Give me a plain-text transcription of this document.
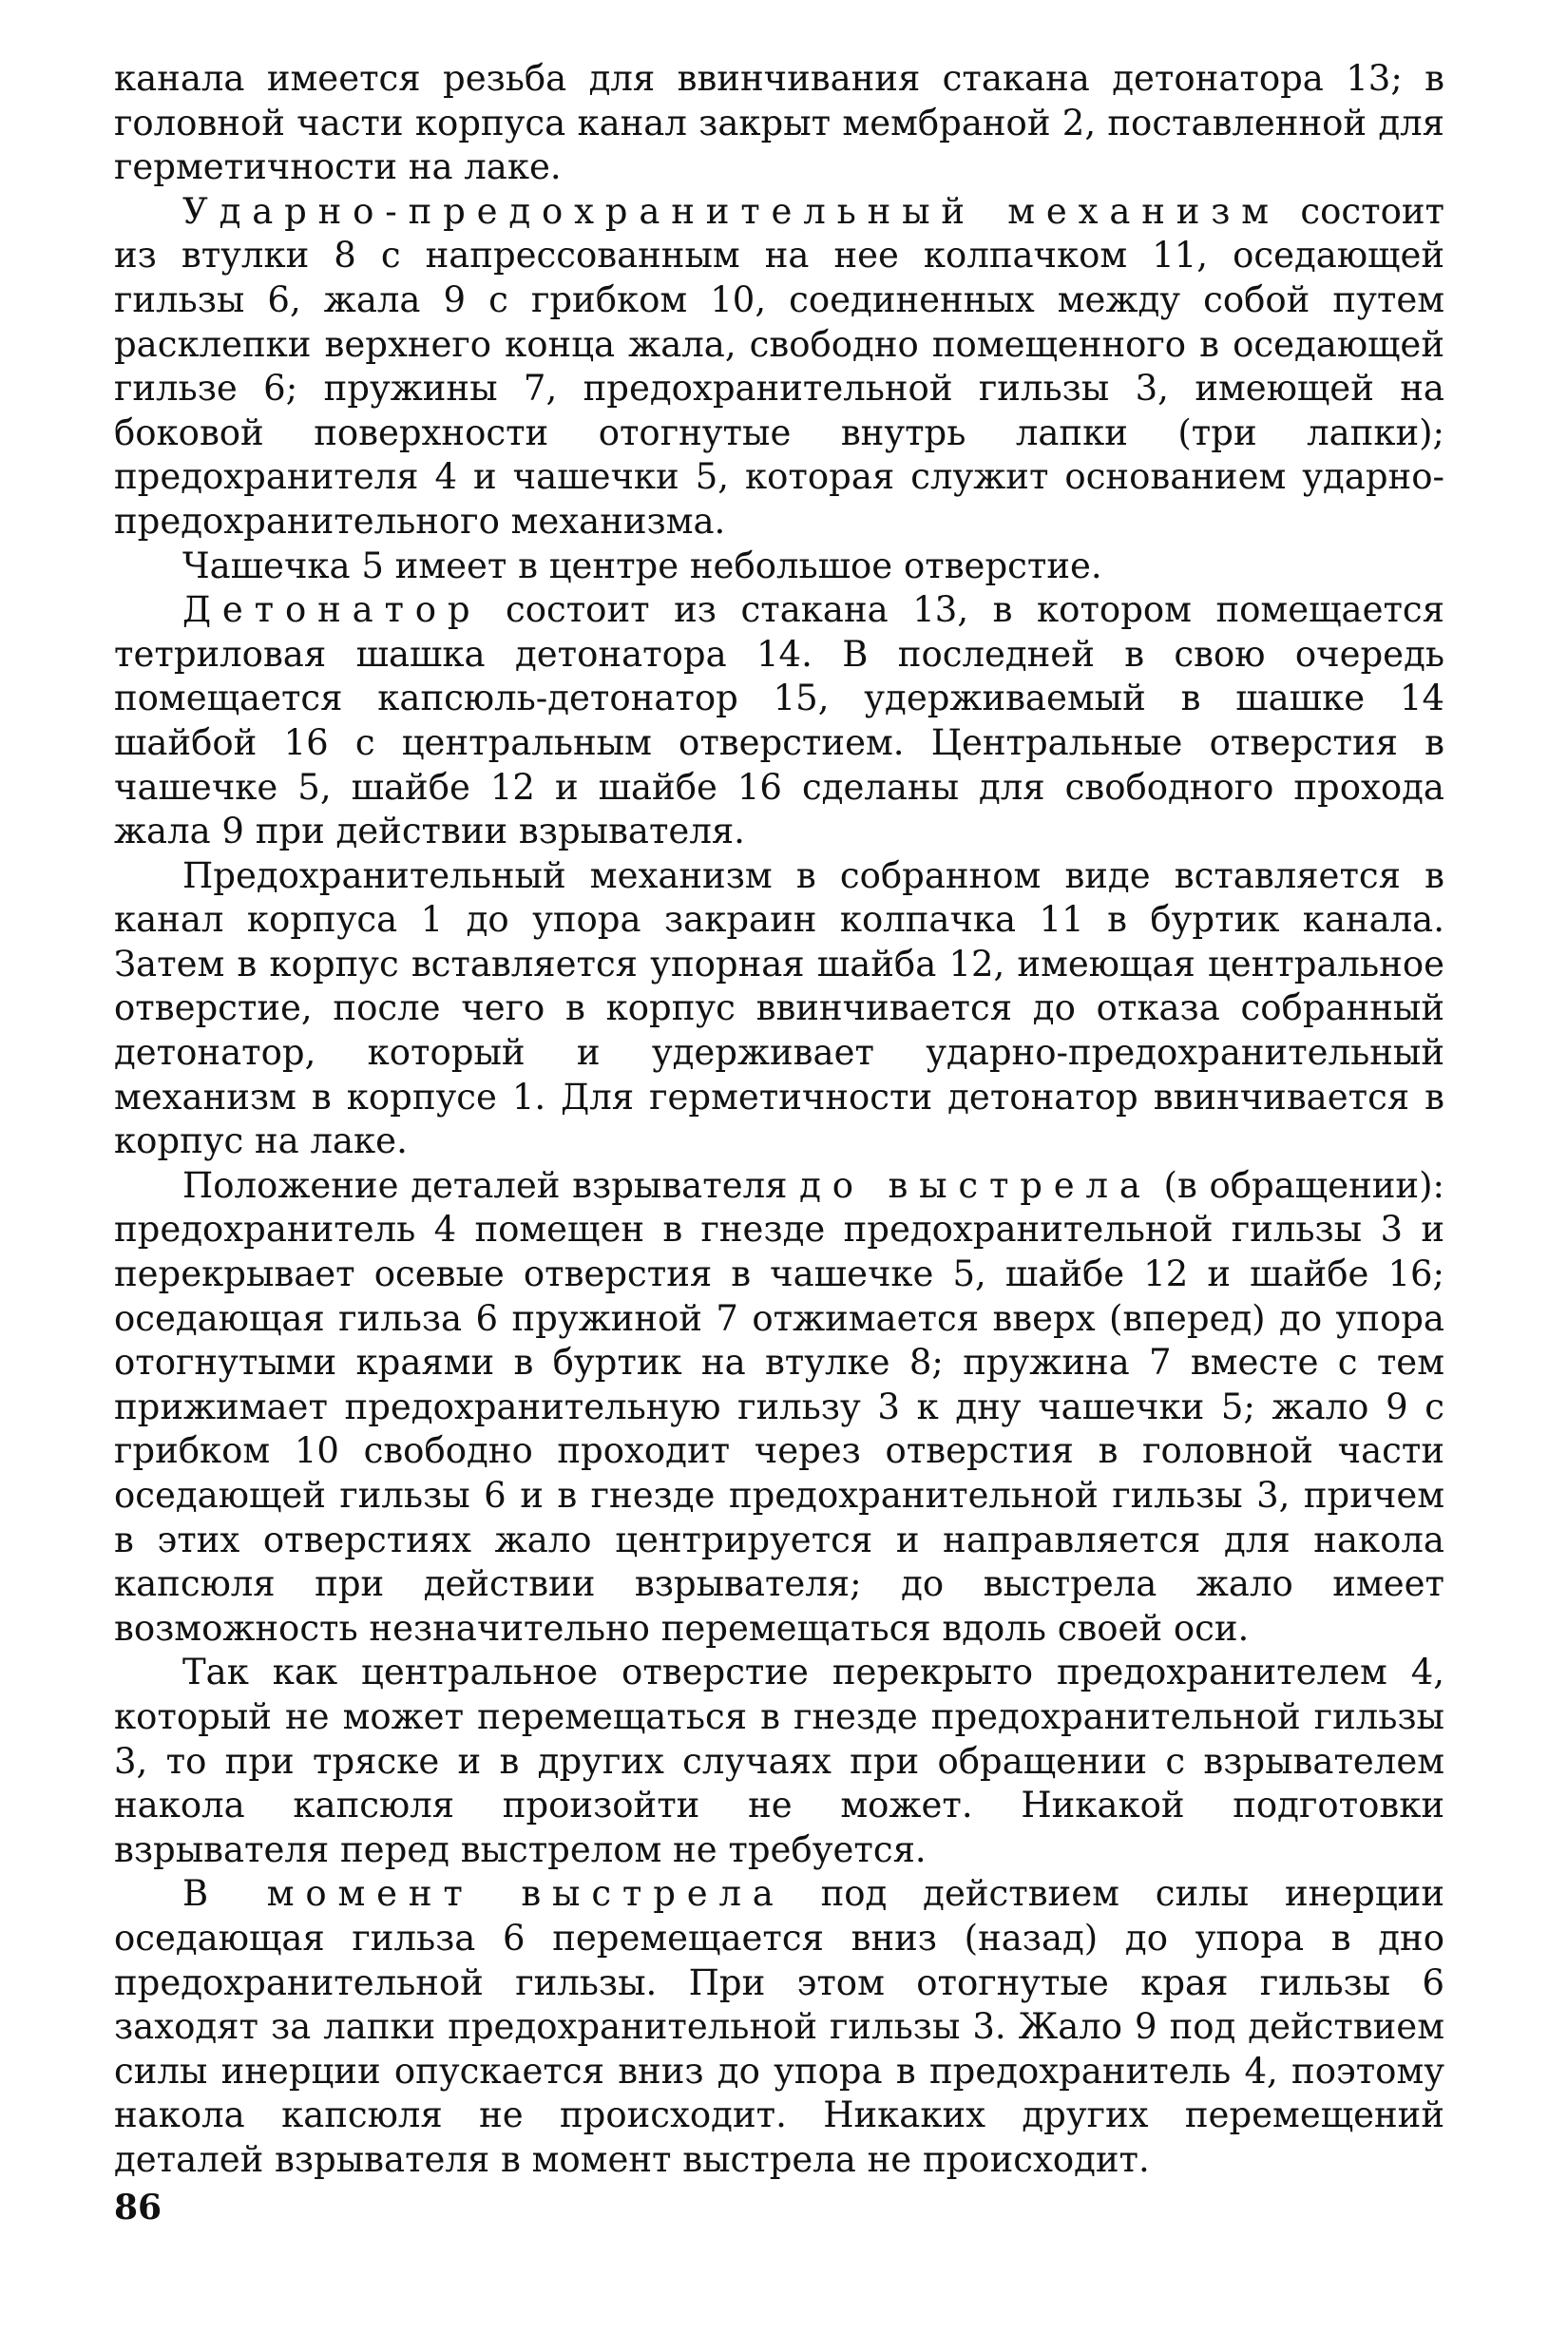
канала имеется резьба для ввинчивания стакана детонатора 13; в головной части корпуса канал закрыт мембраной 2, поставленной для герметичности на лаке.

Ударно-предохранительный механизм состоит из втулки 8 с напрессованным на нее колпачком 11, оседающей гильзы 6, жала 9 с грибком 10, соединенных между собой путем расклепки верхнего конца жала, свободно помещенного в оседающей гильзе 6; пружины 7, предохранительной гильзы 3, имеющей на боковой поверхности отогнутые внутрь лапки (три лапки); предохранителя 4 и чашечки 5, которая служит основанием ударно-предохранительного механизма.

Чашечка 5 имеет в центре небольшое отверстие.

Детонатор состоит из стакана 13, в котором помещается тетриловая шашка детонатора 14. В последней в свою очередь помещается капсюль-детонатор 15, удерживаемый в шашке 14 шайбой 16 с центральным отверстием. Центральные отверстия в чашечке 5, шайбе 12 и шайбе 16 сделаны для свободного прохода жала 9 при действии взрывателя.

Предохранительный механизм в собранном виде вставляется в канал корпуса 1 до упора закраин колпачка 11 в буртик канала. Затем в корпус вставляется упорная шайба 12, имеющая центральное отверстие, после чего в корпус ввинчивается до отказа собранный детонатор, который и удерживает ударно-предохранительный механизм в корпусе 1. Для герметичности детонатор ввинчивается в корпус на лаке.

Положение деталей взрывателя до выстрела (в обращении): предохранитель 4 помещен в гнезде предохранительной гильзы 3 и перекрывает осевые отверстия в чашечке 5, шайбе 12 и шайбе 16; оседающая гильза 6 пружиной 7 отжимается вверх (вперед) до упора отогнутыми краями в буртик на втулке 8; пружина 7 вместе с тем прижимает предохранительную гильзу 3 к дну чашечки 5; жало 9 с грибком 10 свободно проходит через отверстия в головной части оседающей гильзы 6 и в гнезде предохранительной гильзы 3, причем в этих отверстиях жало центрируется и направляется для накола капсюля при действии взрывателя; до выстрела жало имеет возможность незначительно перемещаться вдоль своей оси.

Так как центральное отверстие перекрыто предохранителем 4, который не может перемещаться в гнезде предохранительной гильзы 3, то при тряске и в других случаях при обращении с взрывателем накола капсюля произойти не может. Никакой подготовки взрывателя перед выстрелом не требуется.

В момент выстрела под действием силы инерции оседающая гильза 6 перемещается вниз (назад) до упора в дно предохранительной гильзы. При этом отогнутые края гильзы 6 заходят за лапки предохранительной гильзы 3. Жало 9 под действием силы инерции опускается вниз до упора в предохранитель 4, поэтому накола капсюля не происходит. Никаких других перемещений деталей взрывателя в момент выстрела не происходит.

86
